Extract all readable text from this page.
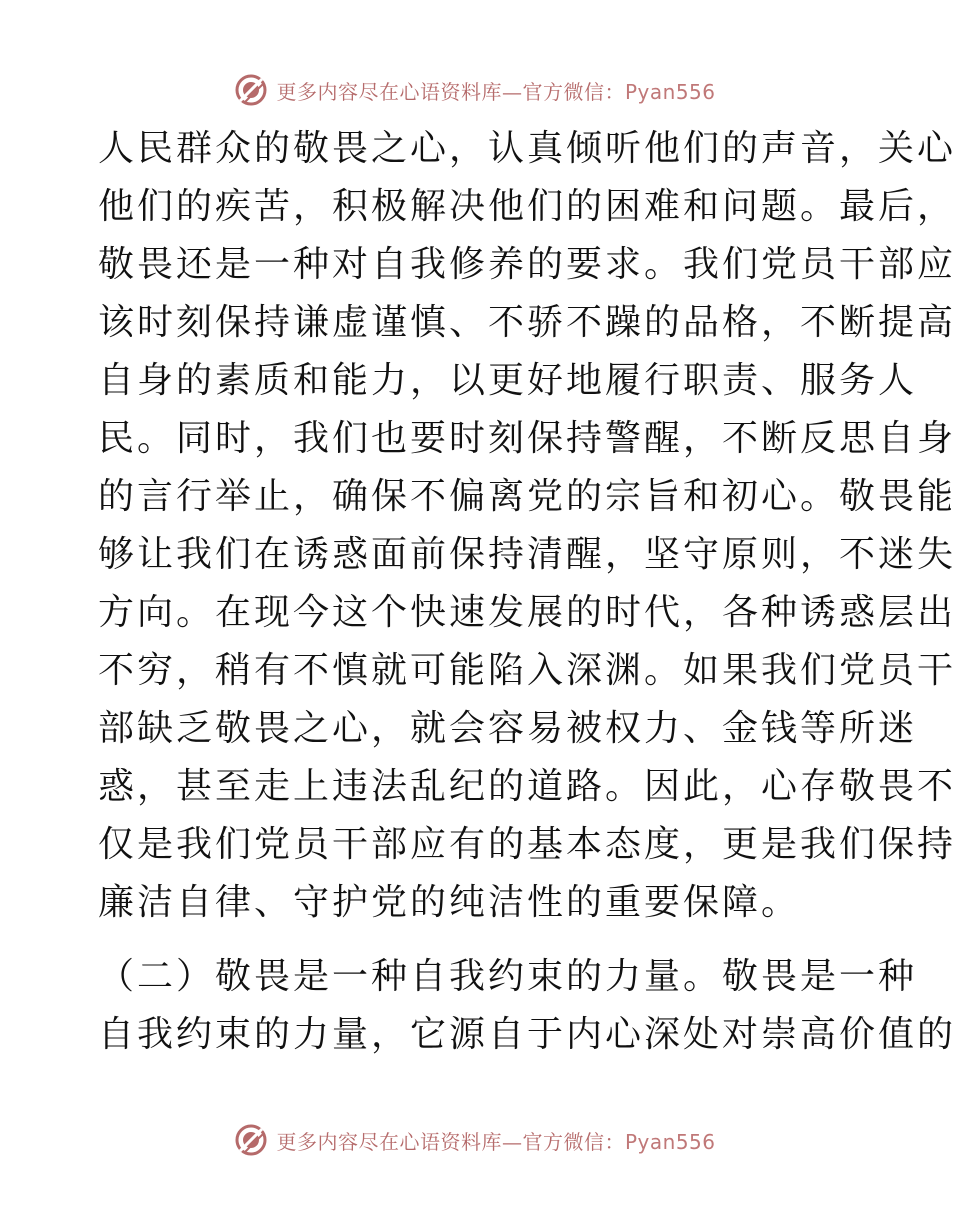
更多内容尽在心语资料库—官方微信：Pyan556
人民群众的敬畏之心，认真倾听他们的声音，关心
他们的疾苦，积极解决他们的困难和问题。最后，
敬畏还是一种对自我修养的要求。我们党员干部应
该时刻保持谦虚谨慎、不骄不躁的品格，不断提高
自身的素质和能力，以更好地履行职责、服务人
民。同时，我们也要时刻保持警醒，不断反思自身
的言行举止，确保不偏离党的宗旨和初心。敬畏能
够让我们在诱惑面前保持清醒，坚守原则，不迷失
方向。在现今这个快速发展的时代，各种诱惑层出
不穷，稍有不慎就可能陷入深渊。如果我们党员干
部缺乏敬畏之心，就会容易被权力、金钱等所迷
惑，甚至走上违法乱纪的道路。因此，心存敬畏不
仅是我们党员干部应有的基本态度，更是我们保持
廉洁自律、守护党的纯洁性的重要保障。
（二）敬畏是一种自我约束的力量。敬畏是一种
自我约束的力量，它源自于内心深处对崇高价值的
更多内容尽在心语资料库—官方微信：Pyan556
